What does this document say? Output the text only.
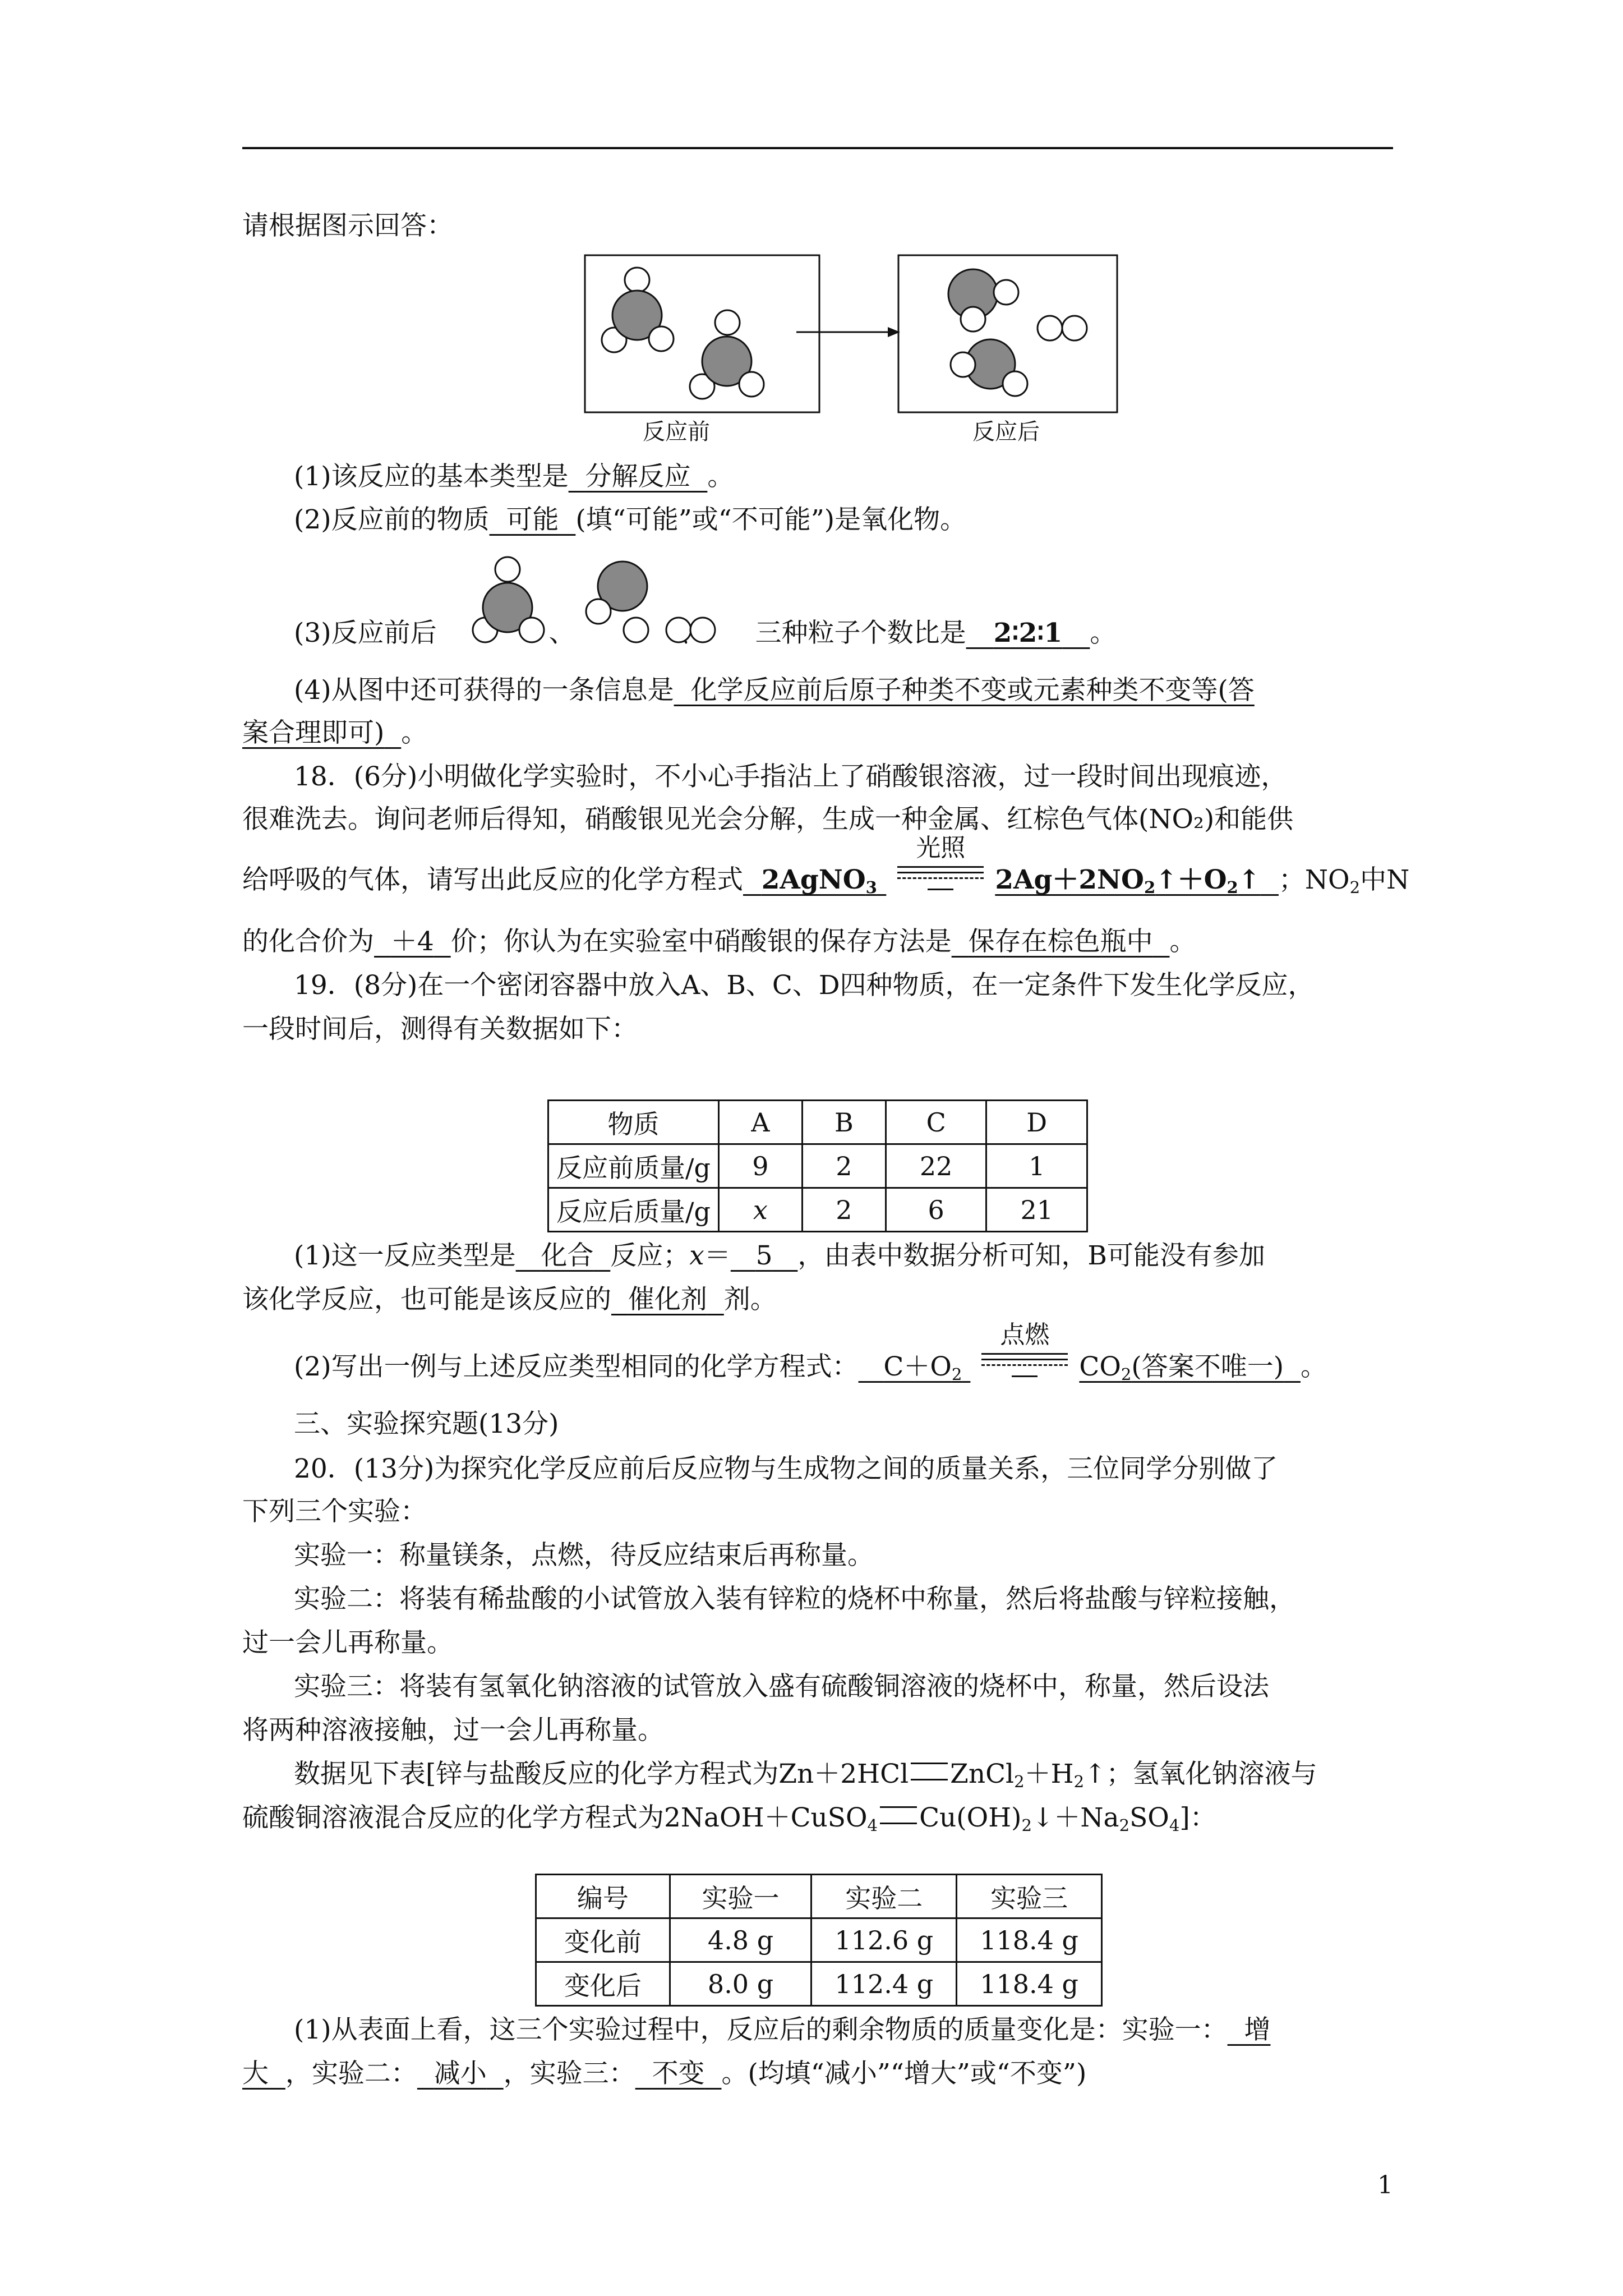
请根据图示回答：
反应前	反应后
(1)该反应的基本类型是 分解反应 。
(2)反应前的物质 可能 (填“可能”或“不可能”)是氧化物。
(3)反应前后	、	三种粒子个数比是 2∶2∶1 。
(4)从图中还可获得的一条信息是 化学反应前后原子种类不变或元素种类不变等(答
案合理即可) 。
18．(6分)小明做化学实验时，不小心手指沾上了硝酸银溶液，过一段时间出现痕迹，
很难洗去。询问老师后得知，硝酸银见光会分解，生成一种金属、红棕色气体(NO₂)和能供
给呼吸的气体，请写出此反应的化学方程式 2AgNO$_3$
光照
$2Ag+2NO_2↑+O_2↑$ ；$NO_2$中N
的化合价为 ＋4 价；你认为在实验室中硝酸银的保存方法是 保存在棕色瓶中 。
19．(8分)在一个密闭容器中放入A、B、C、D四种物质，在一定条件下发生化学反应，
一段时间后，测得有关数据如下：
物质	A	B	C	D
反应前质量/g	9	2	22	1
反应后质量/g	x	2	6	21
(1)这一反应类型是 化合 反应；x＝ 5 ，由表中数据分析可知，B可能没有参加
该化学反应，也可能是该反应的 催化剂 剂。
(2)写出一例与上述反应类型相同的化学方程式： $C+O_2$
点燃
$CO_2$(答案不唯一) 。
三、实验探究题(13分)
20．(13分)为探究化学反应前后反应物与生成物之间的质量关系，三位同学分别做了
下列三个实验：
实验一：称量镁条，点燃，待反应结束后再称量。
实验二：将装有稀盐酸的小试管放入装有锌粒的烧杯中称量，然后将盐酸与锌粒接触，
过一会儿再称量。
实验三：将装有氢氧化钠溶液的试管放入盛有硫酸铜溶液的烧杯中，称量，然后设法
将两种溶液接触，过一会儿再称量。
数据见下表[锌与盐酸反应的化学方程式为Zn＋2HCl $ZnCl_2+H_2↑$；氢氧化钠溶液与
硫酸铜溶液混合反应的化学方程式为2NaOH＋CuSO$_4$ $Cu(OH)_2↓+Na_2SO_4$]：
编号	实验一	实验二	实验三
变化前	4.8 g	112.6 g	118.4 g
变化后	8.0 g	112.4 g	118.4 g
(1)从表面上看，这三个实验过程中，反应后的剩余物质的质量变化是：实验一： 增
大 ，实验二： 减小 ，实验三： 不变 。(均填“减小”“增大”或“不变”)
1
